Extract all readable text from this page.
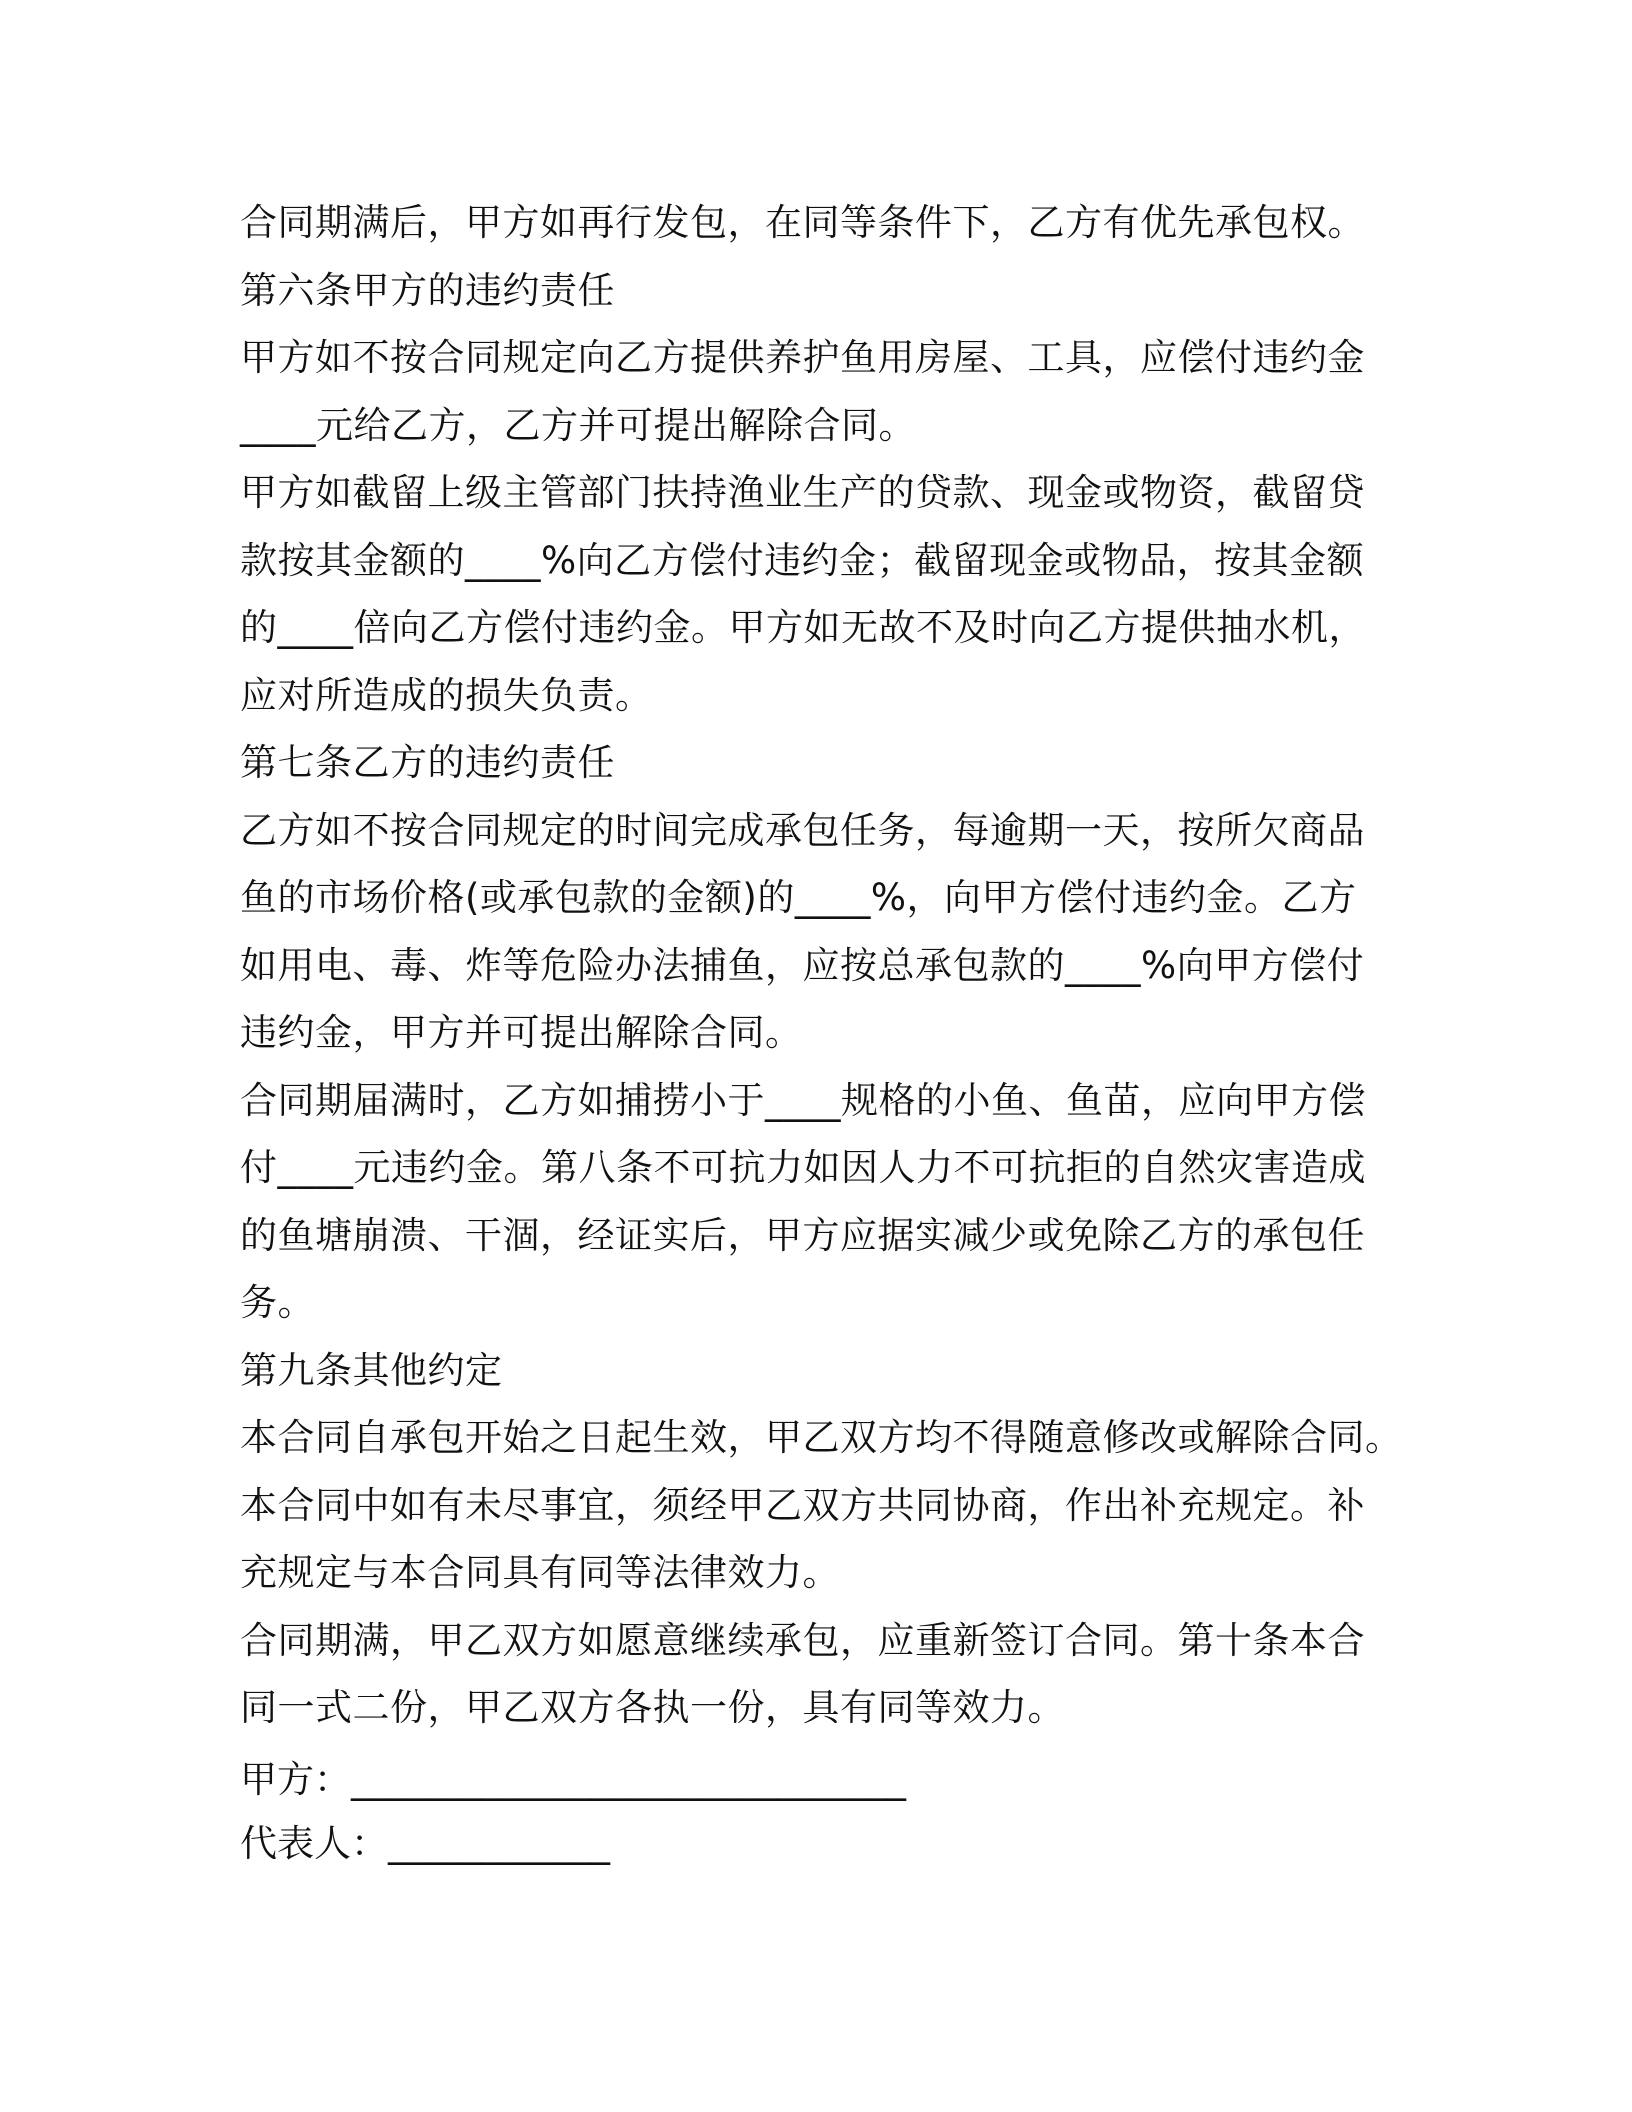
合同期满后，甲方如再行发包，在同等条件下，乙方有优先承包权。
第六条甲方的违约责任
甲方如不按合同规定向乙方提供养护鱼用房屋、工具，应偿付违约金
____元给乙方，乙方并可提出解除合同。
甲方如截留上级主管部门扶持渔业生产的贷款、现金或物资，截留贷
款按其金额的____%向乙方偿付违约金；截留现金或物品，按其金额
的____倍向乙方偿付违约金。甲方如无故不及时向乙方提供抽水机，
应对所造成的损失负责。
第七条乙方的违约责任
乙方如不按合同规定的时间完成承包任务，每逾期一天，按所欠商品
鱼的市场价格(或承包款的金额)的____%，向甲方偿付违约金。乙方
如用电、毒、炸等危险办法捕鱼，应按总承包款的____%向甲方偿付
违约金，甲方并可提出解除合同。
合同期届满时，乙方如捕捞小于____规格的小鱼、鱼苗，应向甲方偿
付____元违约金。第八条不可抗力如因人力不可抗拒的自然灾害造成
的鱼塘崩溃、干涸，经证实后，甲方应据实减少或免除乙方的承包任
务。
第九条其他约定
本合同自承包开始之日起生效，甲乙双方均不得随意修改或解除合同。
本合同中如有未尽事宜，须经甲乙双方共同协商，作出补充规定。补
充规定与本合同具有同等法律效力。
合同期满，甲乙双方如愿意继续承包，应重新签订合同。第十条本合
同一式二份，甲乙双方各执一份，具有同等效力。
甲方：______________________________
代表人：____________
